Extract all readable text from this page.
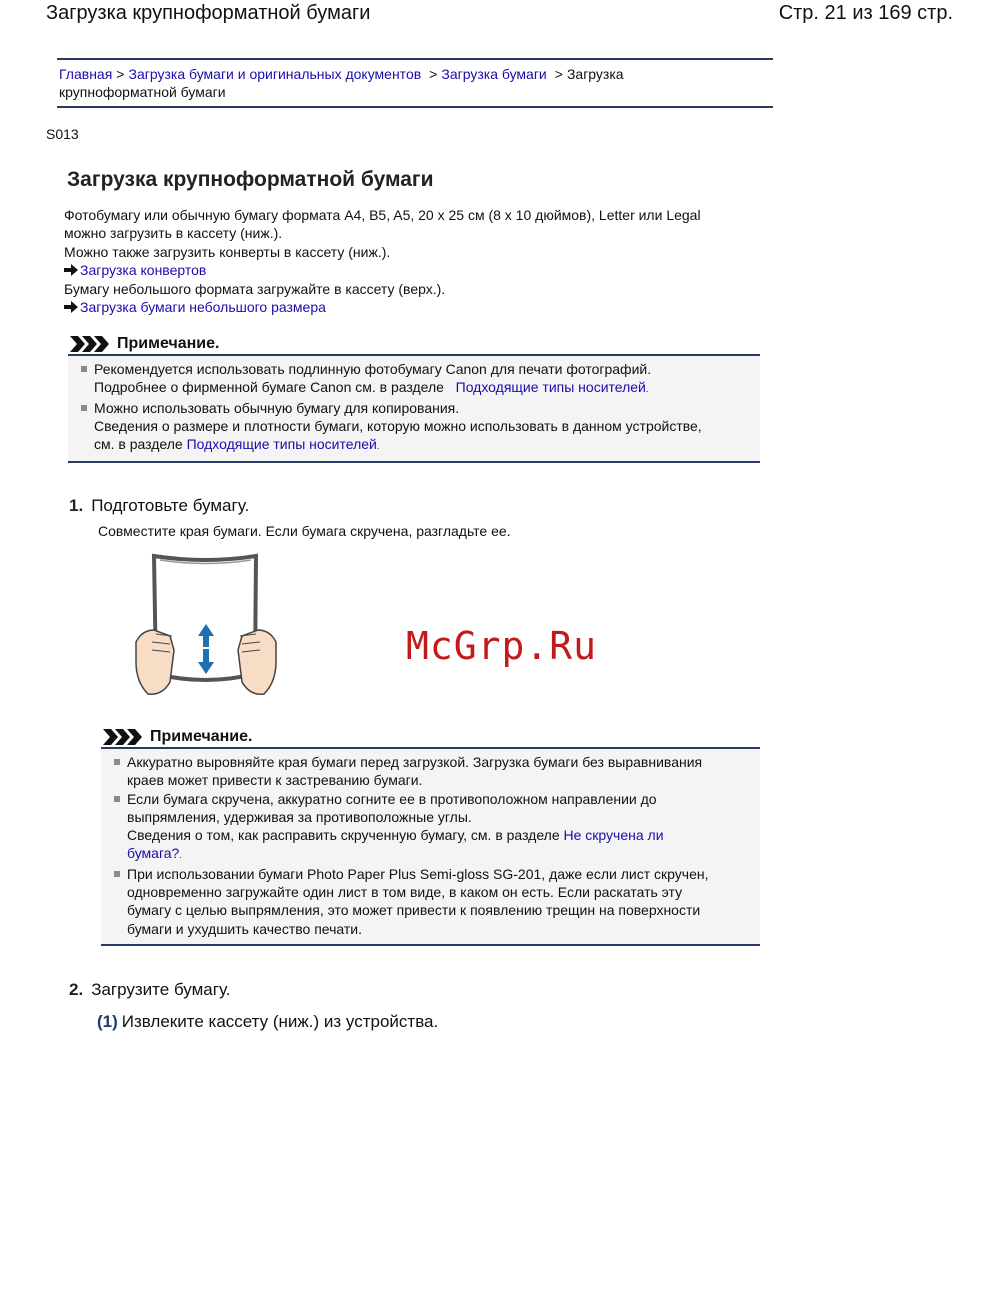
Загрузка крупноформатной бумаги	Стр. 21 из 169 стр.
Главная > Загрузка бумаги и оригинальных документов > Загрузка бумаги > Загрузка
крупноформатной бумаги
S013
Загрузка крупноформатной бумаги

Фотобумагу или обычную бумагу формата A4, B5, A5, 20 x 25 см (8 x 10 дюймов), Letter или Legal

можно загрузить в кассету (ниж.).

Можно также загрузить конверты в кассету (ниж.).

Загрузка конвертов

Бумагу небольшого формата загружайте в кассету (верх.).

Загрузка бумаги небольшого размера

Примечание.

Рекомендуется использовать подлинную фотобумагу Canon для печати фотографий.

Подробнее о фирменной бумаге Canon см. в разделе Подходящие типы носителей.

Можно использовать обычную бумагу для копирования.

Сведения о размере и плотности бумаги, которую можно использовать в данном устройстве,

см. в разделе Подходящие типы носителей.

1. Подготовьте бумагу.
Совместите края бумаги. Если бумага скручена, разгладьте ее.
McGrp.Ru
Примечание.

Аккуратно выровняйте края бумаги перед загрузкой. Загрузка бумаги без выравнивания

краев может привести к застреванию бумаги.

Если бумага скручена, аккуратно согните ее в противоположном направлении до

выпрямления, удерживая за противоположные углы.

Сведения о том, как расправить скрученную бумагу, см. в разделе Не скручена ли

бумага?.

При использовании бумаги Photo Paper Plus Semi-gloss SG-201, даже если лист скручен,

одновременно загружайте один лист в том виде, в каком он есть. Если раскатать эту

бумагу с целью выпрямления, это может привести к появлению трещин на поверхности

бумаги и ухудшить качество печати.

2. Загрузите бумагу.
(1) Извлеките кассету (ниж.) из устройства.
